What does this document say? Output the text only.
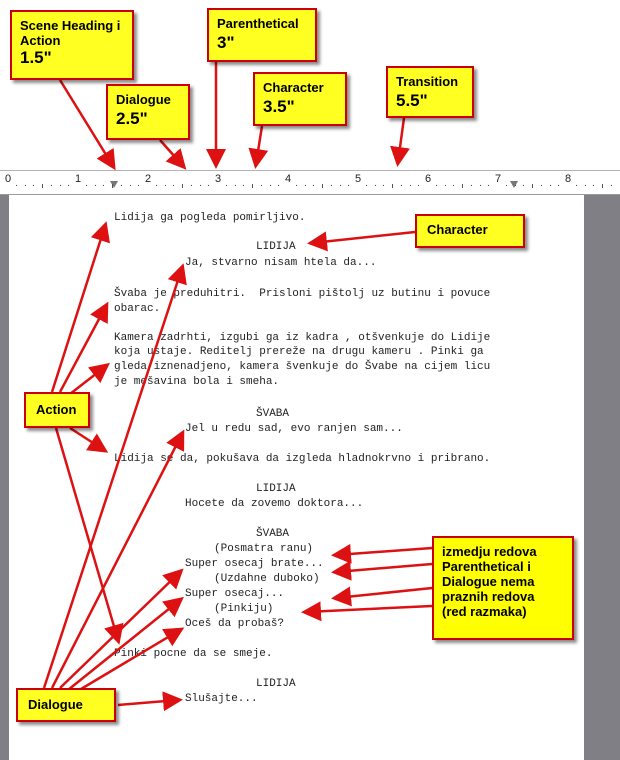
0	1	2	3	4	5	6	7	8
Lidija ga pogleda pomirljivo.
LIDIJA
Ja, stvarno nisam htela da...
Švaba je preduhitri.  Prisloni pištolj uz butinu i povuce
obarac.
Kamera zadrhti, izgubi ga iz kadra , otšvenkuje do Lidije
koja ustaje. Reditelj prereže na drugu kameru . Pinki ga
gleda iznenadjeno, kamera švenkuje do Švabe na cijem licu
je mešavina bola i smeha.
ŠVABA
Jel u redu sad, evo ranjen sam...
Lidija se da, pokušava da izgleda hladnokrvno i pribrano.
LIDIJA
Hocete da zovemo doktora...
ŠVABA
(Posmatra ranu)
Super osecaj brate...
(Uzdahne duboko)
Super osecaj...
(Pinkiju)
Oceš da probaš?
Pinki pocne da se smeje.
LIDIJA
Slušajte...
Scene Heading i
Action
1.5"
Dialogue
2.5"
Parenthetical
3"
Character
3.5"
Transition
5.5"
Character
Action
Dialogue
izmedju redova
Parenthetical i
Dialogue nema
praznih redova
(red razmaka)
